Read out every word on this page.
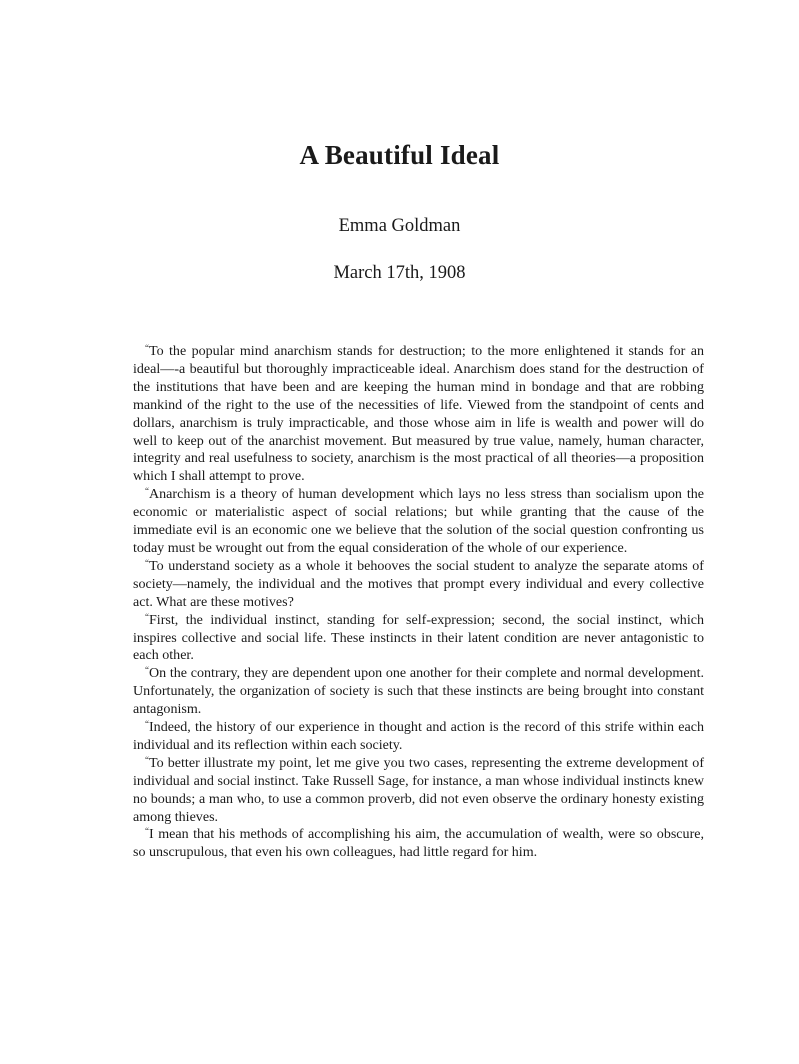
A Beautiful Ideal

Emma Goldman

March 17th, 1908

“To the popular mind anarchism stands for destruction; to the more enlightened it stands for an ideal—-a beautiful but thoroughly impracticeable ideal. Anarchism does stand for the destruction of the institutions that have been and are keeping the human mind in bondage and that are robbing mankind of the right to the use of the necessities of life. Viewed from the standpoint of cents and dollars, anarchism is truly impracticable, and those whose aim in life is wealth and power will do well to keep out of the anarchist movement. But measured by true value, namely, human character, integrity and real usefulness to society, anarchism is the most practical of all theories—a proposition which I shall attempt to prove.

“Anarchism is a theory of human development which lays no less stress than socialism upon the economic or materialistic aspect of social relations; but while granting that the cause of the immediate evil is an economic one we believe that the solution of the social question confronting us today must be wrought out from the equal consideration of the whole of our experience.

“To understand society as a whole it behooves the social student to analyze the separate atoms of society—namely, the individual and the motives that prompt every individual and every collective act. What are these motives?

“First, the individual instinct, standing for self-expression; second, the social instinct, which inspires collective and social life. These instincts in their latent condition are never antagonistic to each other.

“On the contrary, they are dependent upon one another for their complete and normal development. Unfortunately, the organization of society is such that these instincts are being brought into constant antagonism.

“Indeed, the history of our experience in thought and action is the record of this strife within each individual and its reflection within each society.

“To better illustrate my point, let me give you two cases, representing the extreme development of individual and social instinct. Take Russell Sage, for instance, a man whose individual instincts knew no bounds; a man who, to use a common proverb, did not even observe the ordinary honesty existing among thieves.

“I mean that his methods of accomplishing his aim, the accumulation of wealth, were so obscure, so unscrupulous, that even his own colleagues, had little regard for him.
